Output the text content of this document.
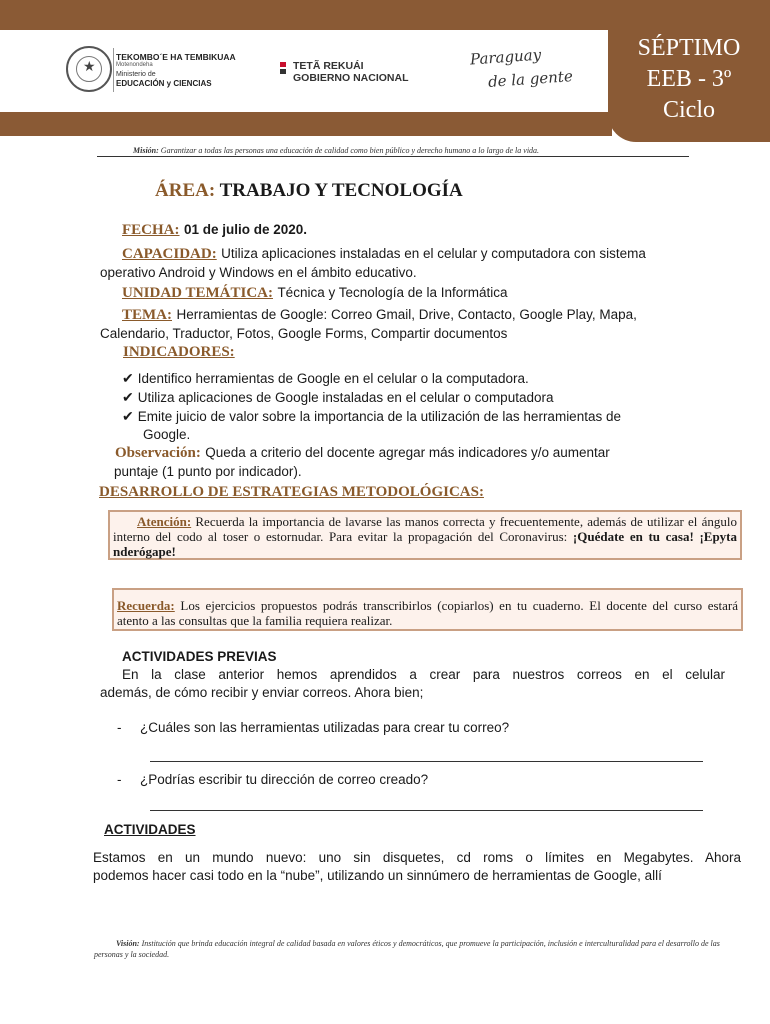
★
TEKOMBO´E HA TEMBIKUAA
Motenondeha
Ministerio de
EDUCACIÓN y CIENCIAS
TETÃ REKUÁI
GOBIERNO NACIONAL
Paraguay
de la gente
SÉPTIMO
EEB - 3º
Ciclo
Misión: Garantizar a todas las personas una educación de calidad como bien público y derecho humano a lo largo de la vida.
ÁREA: TRABAJO Y TECNOLOGÍA
FECHA: 01 de julio de 2020.
CAPACIDAD: Utiliza aplicaciones instaladas en el celular y computadora con sistema
operativo Android y Windows en el ámbito educativo.
UNIDAD TEMÁTICA: Técnica y Tecnología de la Informática
TEMA: Herramientas de Google: Correo Gmail, Drive, Contacto, Google Play, Mapa,
Calendario, Traductor, Fotos, Google Forms, Compartir documentos
INDICADORES:
✔ Identifico herramientas de Google en el celular o la computadora.
✔ Utiliza aplicaciones de Google instaladas en el celular o computadora
✔ Emite juicio de valor sobre la importancia de la utilización de las herramientas de
Google.
Observación: Queda a criterio del docente agregar más indicadores y/o aumentar
puntaje (1 punto por indicador).
DESARROLLO DE ESTRATEGIAS METODOLÓGICAS:
Atención: Recuerda la importancia de lavarse las manos correcta y frecuentemente, además de utilizar el ángulo interno del codo al toser o estornudar. Para evitar la propagación del Coronavirus: ¡Quédate en tu casa! ¡Epyta nderógape!
Recuerda: Los ejercicios propuestos podrás transcribirlos (copiarlos) en tu cuaderno. El docente del curso estará atento a las consultas que la familia requiera realizar.
ACTIVIDADES PREVIAS
En la clase anterior hemos aprendidos a crear para nuestros correos en el celular
además, de cómo recibir y enviar correos. Ahora bien;
- ¿Cuáles son las herramientas utilizadas para crear tu correo?
- ¿Podrías escribir tu dirección de correo creado?
ACTIVIDADES
Estamos en un mundo nuevo: uno sin disquetes, cd roms o límites en Megabytes. Ahora
podemos hacer casi todo en la “nube”, utilizando un sinnúmero de herramientas de Google, allí
Visión: Institución que brinda educación integral de calidad basada en valores éticos y democráticos, que promueve la participación, inclusión e interculturalidad para el desarrollo de las personas y la sociedad.
